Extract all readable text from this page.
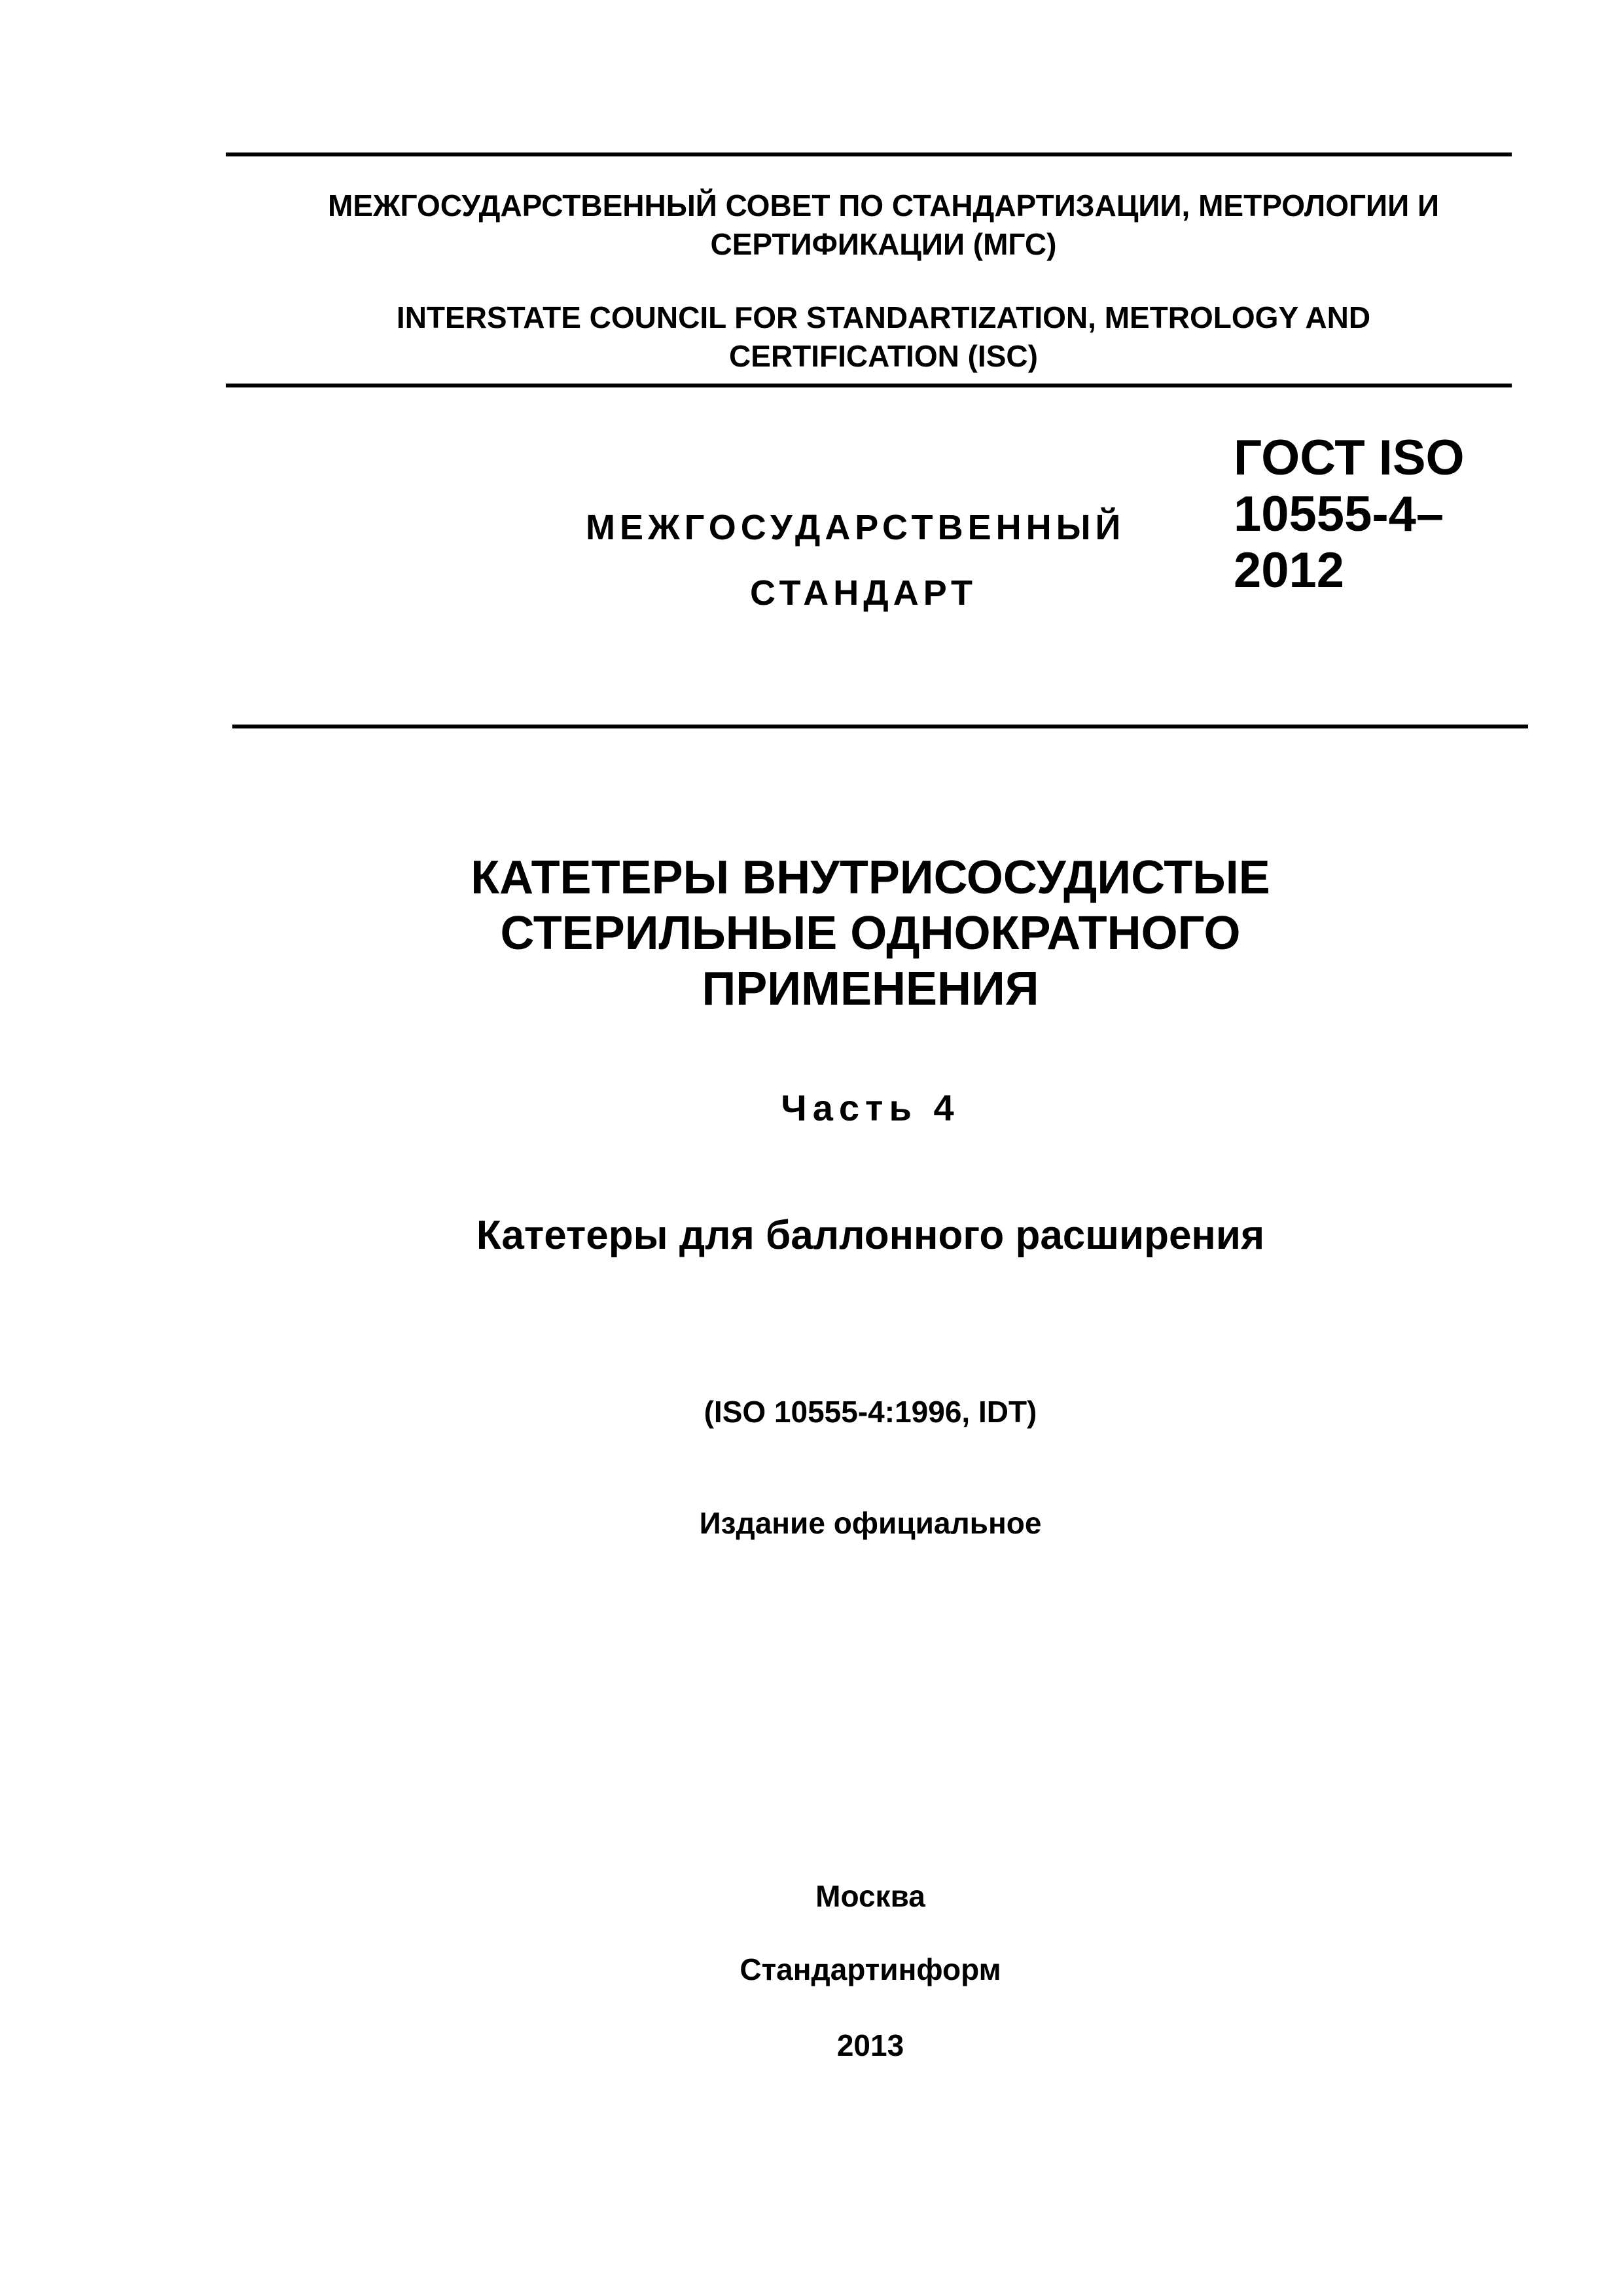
МЕЖГОСУДАРСТВЕННЫЙ СОВЕТ ПО СТАНДАРТИЗАЦИИ, МЕТРОЛОГИИ И

СЕРТИФИКАЦИИ (МГС)

INTERSTATE COUNCIL FOR STANDARTIZATION, METROLOGY AND

CERTIFICATION (ISC)

МЕЖГОСУДАРСТВЕННЫЙ

СТАНДАРТ

ГОСТ ISO

10555-4–

2012

КАТЕТЕРЫ ВНУТРИСОСУДИСТЫЕ

СТЕРИЛЬНЫЕ ОДНОКРАТНОГО

ПРИМЕНЕНИЯ

Часть 4

Катетеры для баллонного расширения

(ISO 10555-4:1996, IDT)

Издание официальное

Москва

Стандартинформ

2013
